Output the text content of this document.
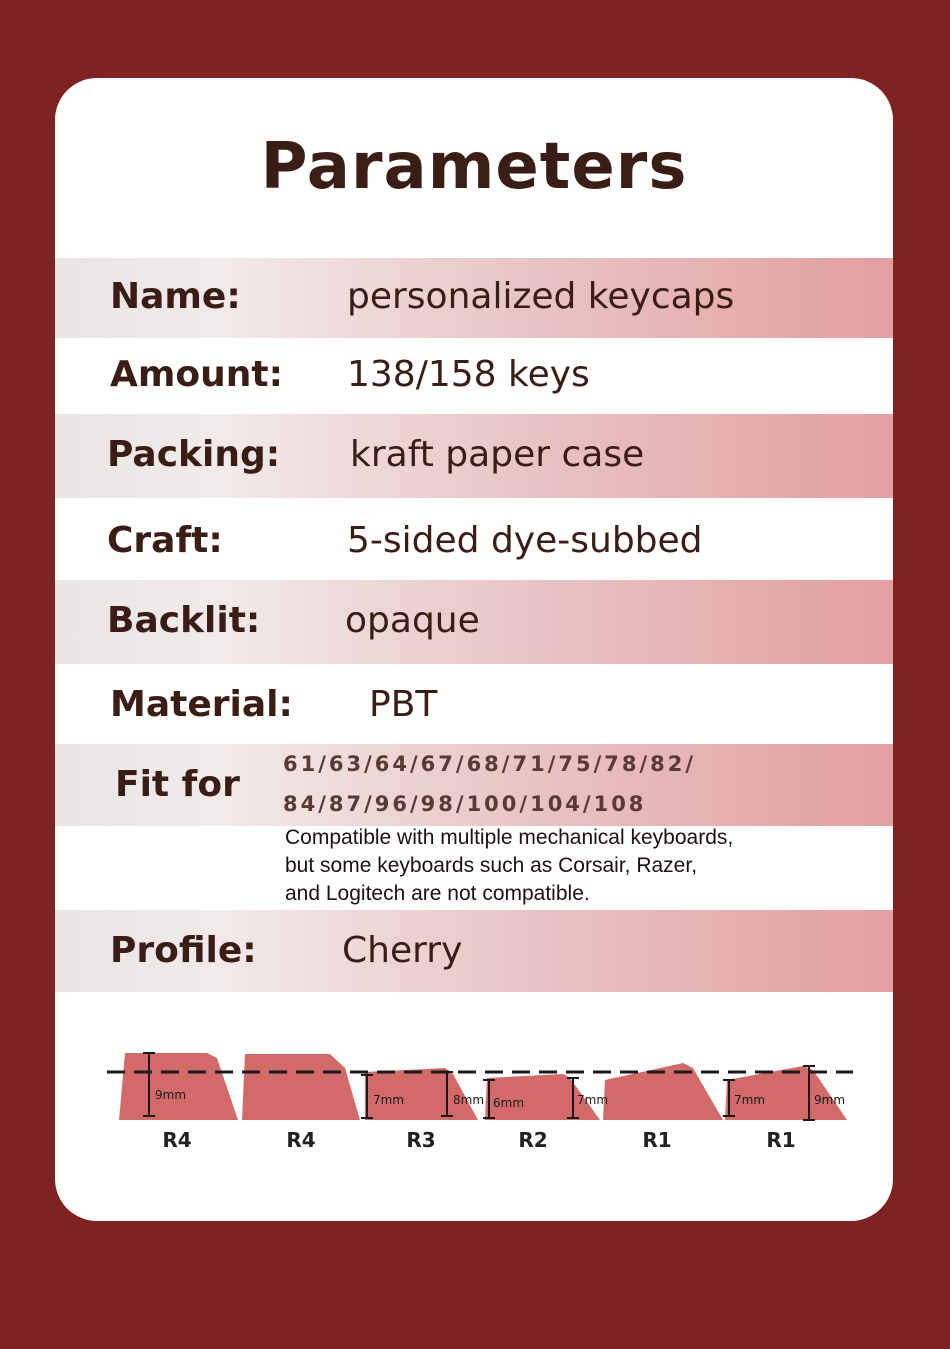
Parameters
Name:	personalized keycaps
Amount: 138/158 keys
Packing: kraft paper case
Craft:	5-sided dye-subbed
Backlit: opaque
Material: PBT
Fit for 61/63/64/67/68/71/75/78/82/
84/87/96/98/100/104/108
Compatible with multiple mechanical keyboards,
but some keyboards such as Corsair, Razer,
and Logitech are not compatible.
Profile: Cherry
9mm	7mm	8mm 6mm	7mm	7mm	9mm
R4	R4	R3	R2	R1	R1
